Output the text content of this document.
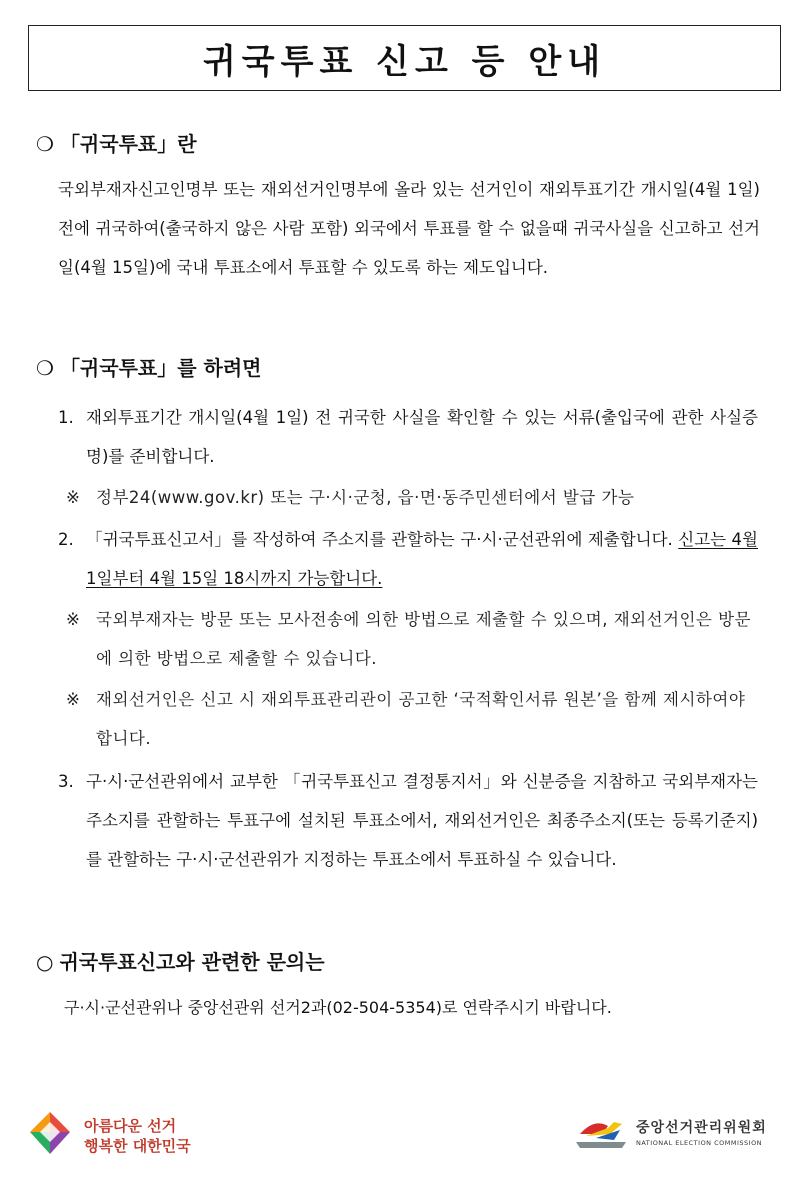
귀국투표 신고 등 안내
❍ 「귀국투표」란
국외부재자신고인명부 또는 재외선거인명부에 올라 있는 선거인이 재외투표기간 개시일(4월 1일) 전에 귀국하여(출국하지 않은 사람 포함) 외국에서 투표를 할 수 없을때 귀국사실을 신고하고 선거일(4월 15일)에 국내 투표소에서 투표할 수 있도록 하는 제도입니다.
❍ 「귀국투표」를 하려면
1. 재외투표기간 개시일(4월 1일) 전 귀국한 사실을 확인할 수 있는 서류(출입국에 관한 사실증명)를 준비합니다.
※ 정부24(www.gov.kr) 또는 구·시·군청, 읍·면·동주민센터에서 발급 가능
2. 「귀국투표신고서」를 작성하여 주소지를 관할하는 구·시·군선관위에 제출합니다. 신고는 4월 1일부터 4월 15일 18시까지 가능합니다.
※ 국외부재자는 방문 또는 모사전송에 의한 방법으로 제출할 수 있으며, 재외선거인은 방문에 의한 방법으로 제출할 수 있습니다.
※ 재외선거인은 신고 시 재외투표관리관이 공고한 ‘국적확인서류 원본’을 함께 제시하여야 합니다.
3. 구·시·군선관위에서 교부한 「귀국투표신고 결정통지서」와 신분증을 지참하고 국외부재자는 주소지를 관할하는 투표구에 설치된 투표소에서, 재외선거인은 최종주소지(또는 등록기준지)를 관할하는 구·시·군선관위가 지정하는 투표소에서 투표하실 수 있습니다.
○ 귀국투표신고와 관련한 문의는
구·시·군선관위나 중앙선관위 선거2과(02-504-5354)로 연락주시기 바랍니다.
아름다운 선거
행복한 대한민국
중앙선거관리위원회
NATIONAL ELECTION COMMISSION
